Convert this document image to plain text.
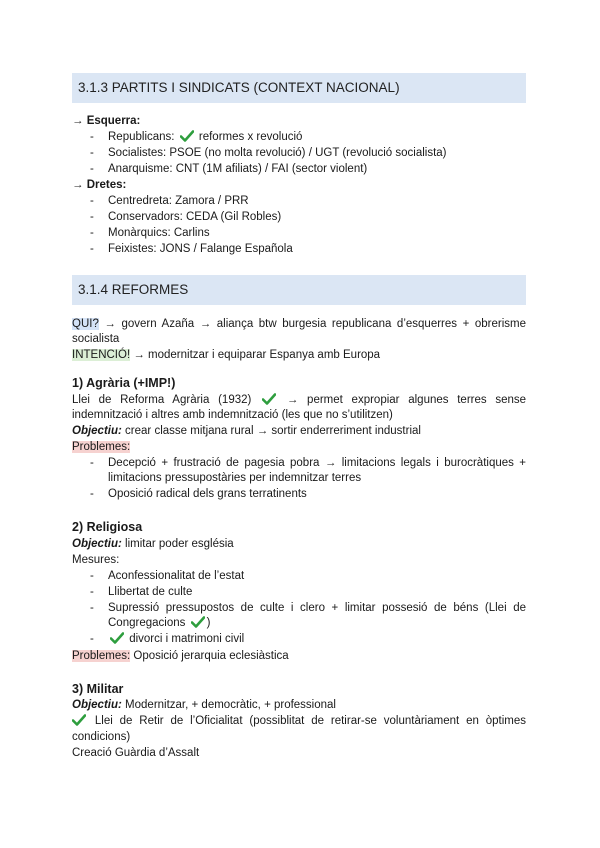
3.1.3 PARTITS I SINDICATS (CONTEXT NACIONAL)
→ Esquerra:
- Republicans: reformes x revolució
- Socialistes: PSOE (no molta revolució) / UGT (revolució socialista)
- Anarquisme: CNT (1M afiliats) / FAI (sector violent)
→ Dretes:
- Centredreta: Zamora / PRR
- Conservadors: CEDA (Gil Robles)
- Monàrquics: Carlins
- Feixistes: JONS / Falange Española
3.1.4 REFORMES
QUI? → govern Azaña → aliança btw burgesia republicana d’esquerres + obrerisme
socialista
INTENCIÓ! → modernitzar i equiparar Espanya amb Europa
1) Agrària (+IMP!)
Llei de Reforma Agrària (1932)	→ permet expropiar algunes terres sense
indemnització i altres amb indemnització (les que no s’utilitzen)
Objectiu: crear classe mitjana rural → sortir enderreriment industrial
Problemes:
- Decepció + frustració de pagesia pobra → limitacions legals i burocràtiques +
limitacions pressupostàries per indemnitzar terres
- Oposició radical dels grans terratinents
2) Religiosa
Objectiu: limitar poder església
Mesures:
- Aconfessionalitat de l’estat
- Llibertat de culte
- Supressió pressupostos de culte i clero + limitar possesió de béns (Llei de
Congregacions )
-	divorci i matrimoni civil
Problemes: Oposició jerarquia eclesiàstica
3) Militar
Objectiu: Modernitzar, + democràtic, + professional
Llei de Retir de l’Oficialitat (possiblitat de retirar-se voluntàriament en òptimes
condicions)
Creació Guàrdia d’Assalt
